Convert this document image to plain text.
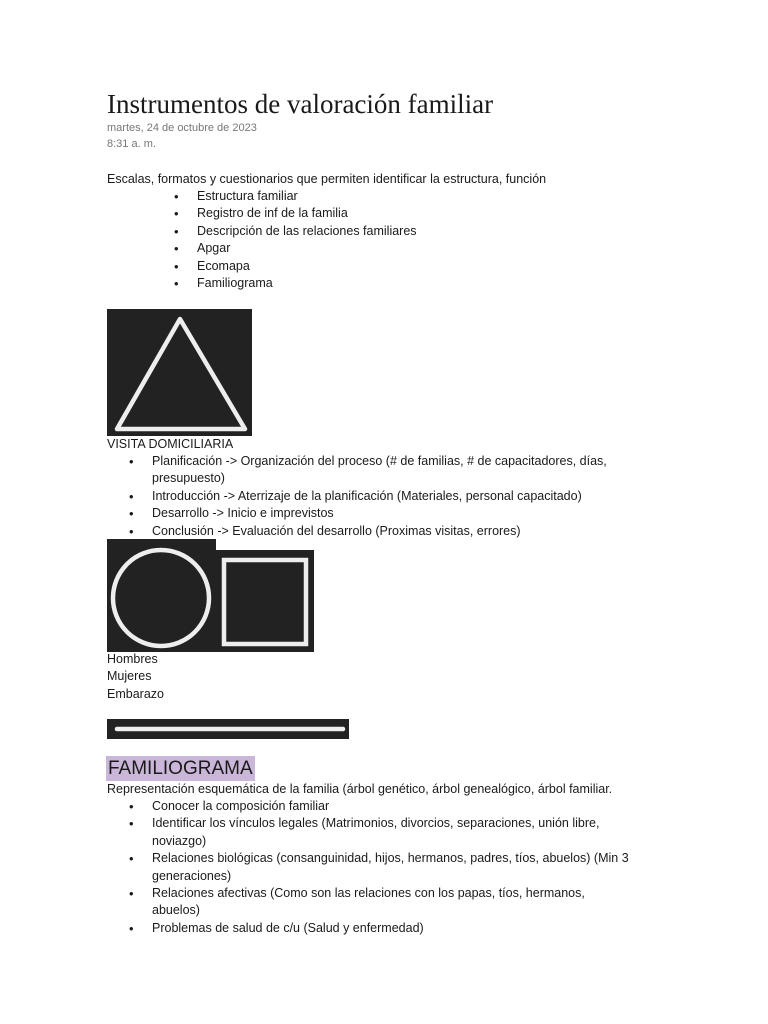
Instrumentos de valoración familiar
martes, 24 de octubre de 2023
8:31 a. m.
Escalas, formatos y cuestionarios que permiten identificar la estructura, función
• Estructura familiar
• Registro de inf de la familia
• Descripción de las relaciones familiares
• Apgar
• Ecomapa
• Familiograma
VISITA DOMICILIARIA
• Planificación -> Organización del proceso (# de familias, # de capacitadores, días, presupuesto)
• Introducción -> Aterrizaje de la planificación (Materiales, personal capacitado)
• Desarrollo -> Inicio e imprevistos
• Conclusión -> Evaluación del desarrollo (Proximas visitas, errores)
Hombres
Mujeres
Embarazo
FAMILIOGRAMA
Representación esquemática de la familia (árbol genético, árbol genealógico, árbol familiar.
• Conocer la composición familiar
• Identificar los vínculos legales (Matrimonios, divorcios, separaciones, unión libre, noviazgo)
• Relaciones biológicas (consanguinidad, hijos, hermanos, padres, tíos, abuelos) (Min 3 generaciones)
• Relaciones afectivas (Como son las relaciones con los papas, tíos, hermanos, abuelos)
• Problemas de salud de c/u (Salud y enfermedad)
